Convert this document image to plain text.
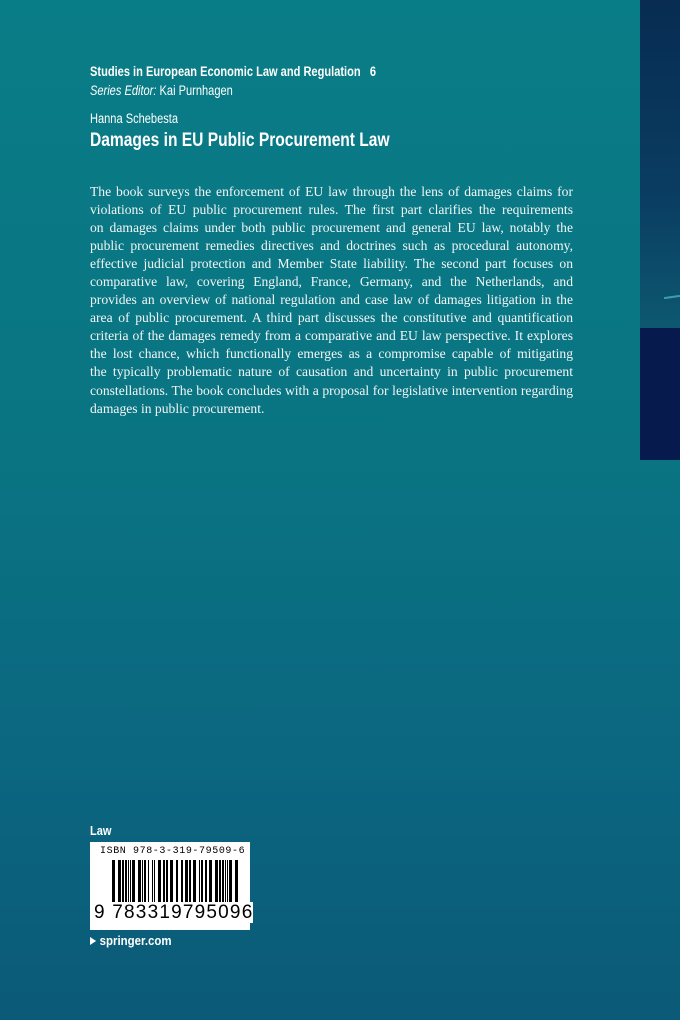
Studies in European Economic Law and Regulation 6
Series Editor: Kai Purnhagen
Hanna Schebesta
Damages in EU Public Procurement Law
The book surveys the enforcement of EU law through the lens of damages claims for
violations of EU public procurement rules. The first part clarifies the requirements
on damages claims under both public procurement and general EU law, notably the
public procurement remedies directives and doctrines such as procedural autonomy,
effective judicial protection and Member State liability. The second part focuses on
comparative law, covering England, France, Germany, and the Netherlands, and
provides an overview of national regulation and case law of damages litigation in the
area of public procurement. A third part discusses the constitutive and quantification
criteria of the damages remedy from a comparative and EU law perspective. It explores
the lost chance, which functionally emerges as a compromise capable of mitigating
the typically problematic nature of causation and uncertainty in public procurement
constellations. The book concludes with a proposal for legislative intervention regarding
damages in public procurement.
Law
ISBN 978-3-319-79509-6
9 783319795096
springer.com
